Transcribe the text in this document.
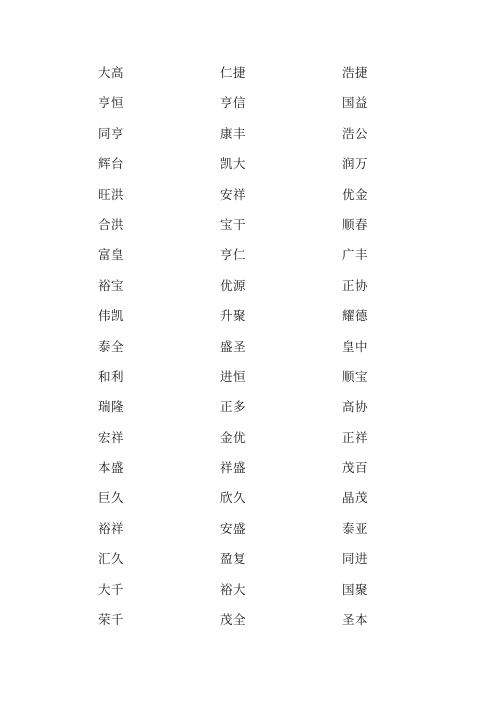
大高	仁捷	浩捷
亨恒	亨信	国益
同亨	康丰	浩公
辉台	凯大	润万
旺洪	安祥	优金
合洪	宝干	顺春
富皇	亨仁	广丰
裕宝	优源	正协
伟凯	升聚	耀德
泰全	盛圣	皇中
和利	进恒	顺宝
瑞隆	正多	高协
宏祥	金优	正祥
本盛	祥盛	茂百
巨久	欣久	晶茂
裕祥	安盛	泰亚
汇久	盈复	同进
大千	裕大	国聚
荣千	茂全	圣本
